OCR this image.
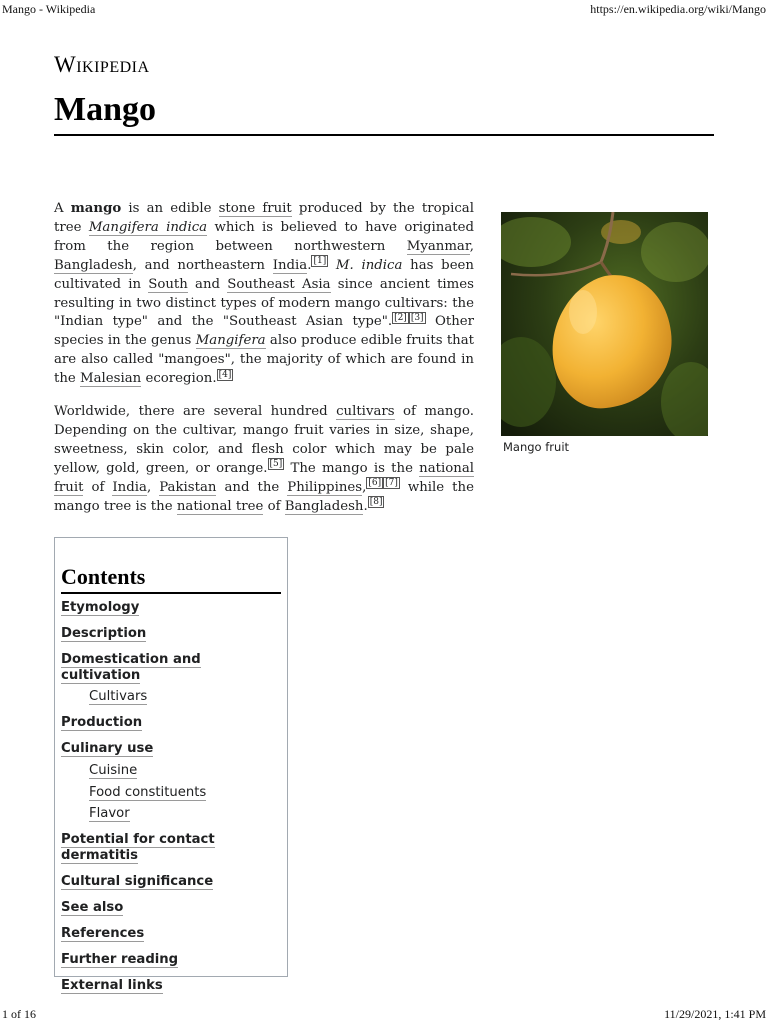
Mango - Wikipedia	https://en.wikipedia.org/wiki/Mango
Wikipedia
Mango

A mango is an edible stone fruit produced by the tropical tree Mangifera indica which is believed to have originated from the region between northwestern Myanmar, Bangladesh, and northeastern India. [1] M. indica has been cultivated in South and Southeast Asia since ancient times resulting in two distinct types of modern mango cultivars: the "Indian type" and the "Southeast Asian type". [2] [3] Other species in the genus Mangifera also produce edible fruits that are also called "mangoes", the majority of which are found in the Malesian ecoregion. [4]

Worldwide, there are several hundred cultivars of mango. Depending on the cultivar, mango fruit varies in size, shape, sweetness, skin color, and flesh color which may be pale yellow, gold, green, or orange. [5] The mango is the national fruit of India, Pakistan and the Philippines, [6] [7] while the mango tree is the national tree of Bangladesh. [8]

Mango fruit
Contents
Etymology
Description
Domestication and cultivation
Cultivars
Production
Culinary use
Cuisine
Food constituents
Flavor
Potential for contact dermatitis
Cultural significance
See also
References
Further reading
External links
1 of 16	11/29/2021, 1:41 PM
